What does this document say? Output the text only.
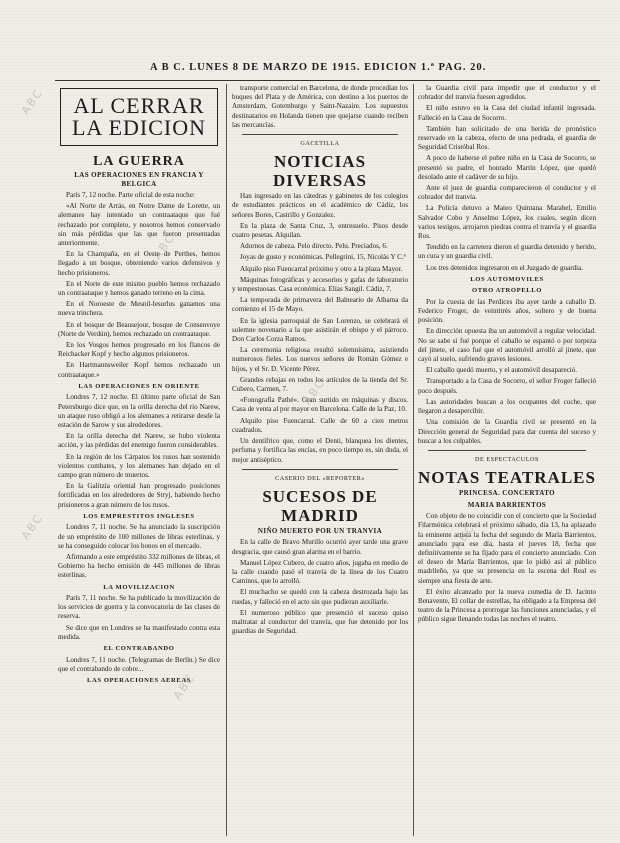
A B C. LUNES 8 DE MARZO DE 1915. EDICION 1.ª PAG. 20.
AL CERRAR
LA EDICION
LA GUERRA
LAS OPERACIONES EN FRANCIA Y BELGICA

París 7, 12 noche. Parte oficial de esta noche:

«Al Norte de Arrás, en Notre Dame de Lorette, un alemanes hay intentado un contraataque que fué rechazado por completo, y nosotros hemos conservado sin más pérdidas que las que fueron presentadas anteriormente.

En la Champaña, en el Oeste de Perthes, hemos llegado a un bosque, obteniendo varios defensivos y hecho prisioneros.

En el Norte de este mismo pueblo hemos rechazado un contraataque y hemos ganado terreno en la cima.

En el Noroeste de Mesnil-lesurlus ganamos una nueva trinchera.

En el bosque de Beausejour, bosque de Consenvoye (Norte de Verdún), hemos rechazado un contraataque.

En los Vosgos hemos progresado en los flancos de Reichacker Kopf y hecho algunos prisioneros.

En Hartmannsweiler Kopf hemos rechazado un contraataque.»

LAS OPERACIONES EN ORIENTE

Londres 7, 12 noche. El último parte oficial de San Petersburgo dice que, en la orilla derecha del río Narew, un ataque ruso obligó a los alemanes a retirarse desde la estación de Sarow y sus alrededores.

En la orilla derecha del Narew, se hubo violenta acción, y las pérdidas del enemigo fueron considerables.

En la región de los Cárpatos los rusos han sostenido violentos combates, y los alemanes han dejado en el campo gran número de muertos.

En la Galitzia oriental han progresado posiciones fortificadas en los alrededores de Stryj, habiendo hecho prisioneros a gran número de los rusos.

LOS EMPRESTITOS INGLESES

Londres 7, 11 noche. Se ha anunciado la suscripción de un empréstito de 100 millones de libras esterlinas, y se ha conseguido colocar los bonos en el mercado.

Afirmando a este empréstito 332 millones de libras, el Gobierno ha hecho emisión de 445 millones de libras esterlinas.

LA MOVILIZACION

París 7, 11 noche. Se ha publicado la movilización de los servicios de guerra y la convocatoria de las clases de reserva.

Se dice que en Londres se ha manifestado contra esta medida.

EL CONTRABANDO

Londres 7, 11 noche. (Telegramas de Berlín.) Se dice que el contrabando de cobre...

LAS OPERACIONES AEREAS

transporte comercial en Barcelona, de donde procedían los buques del Plata y de América, con destino a los puertos de Amsterdam, Gotemburgo y Saint-Nazaire. Los supuestos destinatarios en Holanda tienen que quejarse cuando reciben las mercancías.

GACETILLA
NOTICIAS DIVERSAS

Han ingresado en las cátedras y gabinetes de los colegios de estudiantes prácticos en el académico de Cádiz, los señores Bores, Castrillo y Gonzalez.

En la plaza de Santa Cruz, 3, entresuelo. Pisos desde cuatro pesetas. Alquilan.

Adornos de cabeza. Pelo directo. Pelu. Preciados, 6.

Joyas de gusto y económicas. Pellegrini, 15, Nicolás Y C.ª

Alquilo piso Fuencarral próximo y otro a la plaza Mayor.

Máquinas fotográficas y accesorios y gafas de laboratorio y tempestuosas. Casa económica. Elías Sangil. Cádiz, 7.

La temporada de primavera del Balneario de Alhama da comienzo el 15 de Mayo.

En la iglesia parroquial de San Lorenzo, se celebrará el solemne novenario a la que asistirán el obispo y el párroco. Don Carlos Corza Ramos.

La ceremonia religiosa resultó solemnísima, asistiendo numerosos fieles. Los nuevos señores de Román Gómez e hijos, y el Sr. D. Vicente Pérez.

Grandes rebajas en todos los artículos de la tienda del Sr. Cubero, Carmen, 7.

«Fonografía Pathé». Gran surtido en máquinas y discos. Casa de venta al por mayor en Barcelona. Calle de la Paz, 10.

Alquilo piso Fuencarral. Calle de 60 a cien metros cuadrados.

Un dentífrico que, como el Denti, blanquea los dientes, perfuma y fortifica las encías, en poco tiempo es, sin duda, el mejor antiséptico.

CASERIO DEL «REPORTER»
SUCESOS DE MADRID
NIÑO MUERTO POR UN TRANVIA

En la calle de Bravo Murillo ocurrió ayer tarde una grave desgracia, que causó gran alarma en el barrio.

Manuel López Cubero, de cuatro años, jugaba en medio de la calle cuando pasó el tranvía de la línea de los Cuatro Caminos, que lo arrolló.

El muchacho se quedó con la cabeza destrozada bajo las ruedas, y falleció en el acto sin que pudieran auxiliarle.

El numeroso público que presenció el suceso quiso maltratar al conductor del tranvía, que fue detenido por los guardias de Seguridad.

la Guardia civil para impedir que el conductor y el cobrador del tranvía fuesen agredidos.

El niño estuvo en la Casa del ciudad infantil ingresada. Falleció en la Casa de Socorro.

También han solicitado de una herida de pronóstico reservado en la cabeza, efecto de una pedrada, el guardia de Seguridad Cristóbal Ros.

A poco de haberse el pobre niño en la Casa de Socorro, se presentó su padre, el honrado Martín López, que quedó desolado ante el cadáver de su hijo.

Ante el juez de guardia comparecieron el conductor y el cobrador del tranvía.

La Policía detuvo a Mateo Quintana Marabel, Emilio Salvador Cobo y Anselmo López, los cuales, según dicen varios testigos, arrojaron piedras contra el tranvía y el guardia Ros.

Tendido en la carretera dieron el guardia detenido y herido, un cura y un guardia civil.

Los tres detenidos ingresaron en el Juzgado de guardia.

LOS AUTOMOVILES
OTRO ATROPELLO

Por la cuesta de las Perdices iba ayer tarde a caballo D. Federico Froger, de veintitrés años, soltero y de buena posición.

En dirección opuesta iba un automóvil a regular velocidad. No se sabe si fué porque el caballo se espantó o por torpeza del jinete, el caso fué que el automóvil arrolló al jinete, que cayó al suelo, sufriendo graves lesiones.

El caballo quedó muerto, y el automóvil desapareció.

Transportado a la Casa de Socorro, el señor Froger falleció poco después.

Las autoridades buscan a los ocupantes del coche, que llegaron a desapercibir.

Una comisión de la Guardia civil se presentó en la Dirección general de Seguridad para dar cuenta del suceso y buscar a los culpables.

DE ESPECTACULOS
NOTAS TEATRALES
PRINCESA. CONCERTATO
MARIA BARRIENTOS

Con objeto de no coincidir con el concierto que la Sociedad Filarmónica celebrará el próximo sábado, día 13, ha aplazado la eminente artista la fecha del segundo de María Barrientos, anunciado para ese día, hasta el jueves 18, fecha que definitivamente se ha fijado para el concierto anunciado. Con el deseo de María Barrientos, que lo pidió así al público madrileño, ya que su presencia en la escena del Real es siempre una fiesta de arte.

El éxito alcanzado por la nueva comedia de D. Jacinto Benavente, El collar de estrellas, ha obligado a la Empresa del teatro de la Princesa a prorrogar las funciones anunciadas, y el público sigue llenando todas las noches el teatro.

ABC
ABC
ABC
ABC
ABC
ABC
